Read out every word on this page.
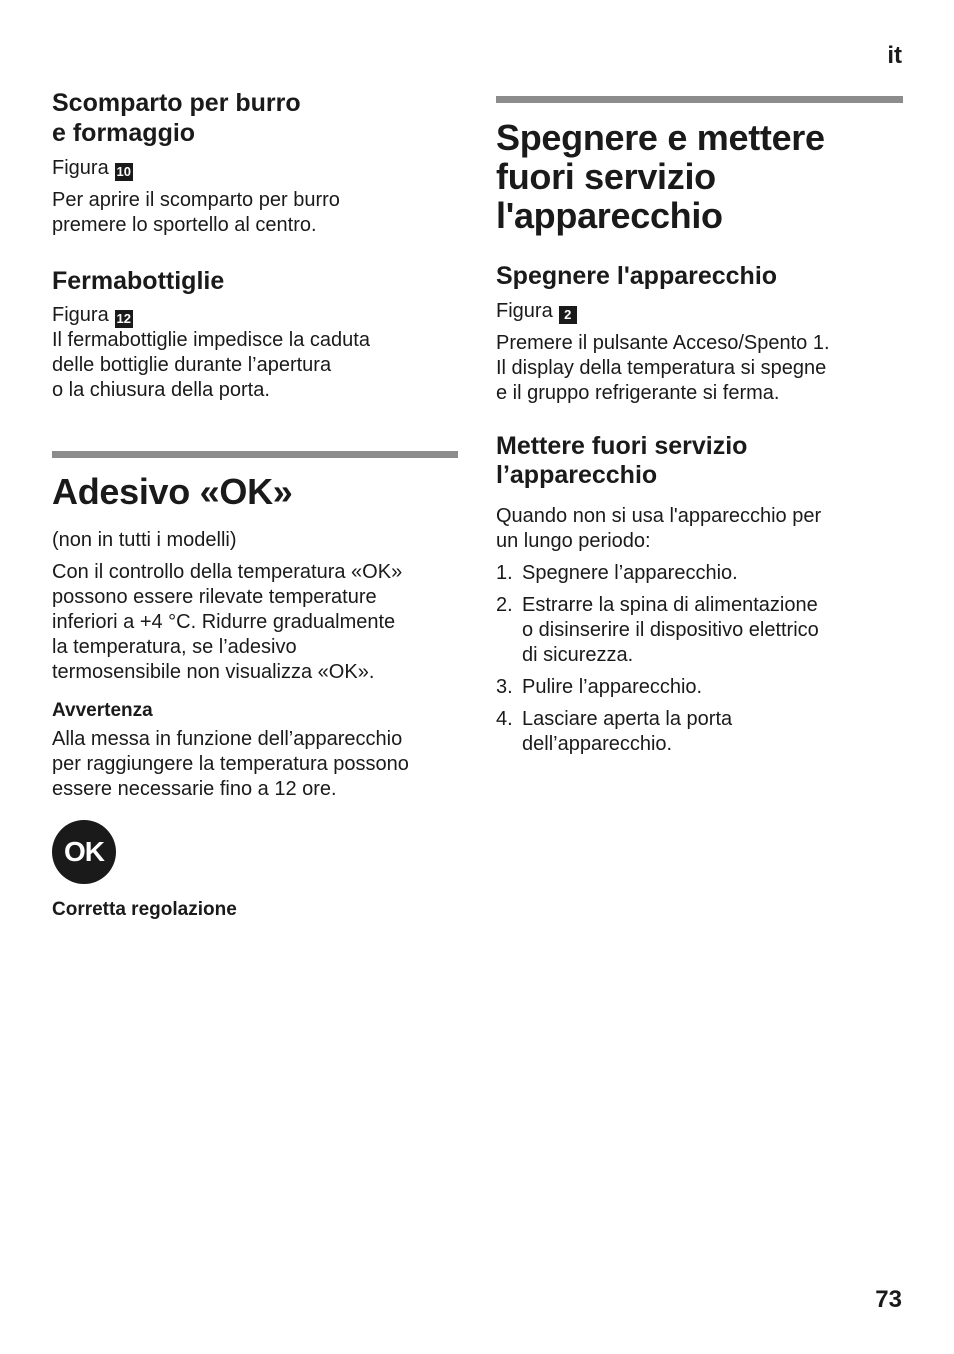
it
Scomparto per burro
e formaggio

Figura 10

Per aprire il scomparto per burro
premere lo sportello al centro.

Fermabottiglie

Figura 12

Il fermabottiglie impedisce la caduta
delle bottiglie durante l’apertura
o la chiusura della porta.

Adesivo «OK»

(non in tutti i modelli)

Con il controllo della temperatura «OK»
possono essere rilevate temperature
inferiori a +4 °C. Ridurre gradualmente
la temperatura, se l’adesivo
termosensibile non visualizza «OK».

Avvertenza

Alla messa in funzione dell’apparecchio
per raggiungere la temperatura possono
essere necessarie fino a 12 ore.

OK

Corretta regolazione

Spegnere e mettere
fuori servizio
l'apparecchio
Spegnere l'apparecchio

Figura 2

Premere il pulsante Acceso/Spento 1.
Il display della temperatura si spegne
e il gruppo refrigerante si ferma.

Mettere fuori servizio
l’apparecchio

Quando non si usa l'apparecchio per
un lungo periodo:

1. Spegnere l’apparecchio.
2. Estrarre la spina di alimentazione
o disinserire il dispositivo elettrico
di sicurezza.
3. Pulire l’apparecchio.
4. Lasciare aperta la porta
dell’apparecchio.
73
